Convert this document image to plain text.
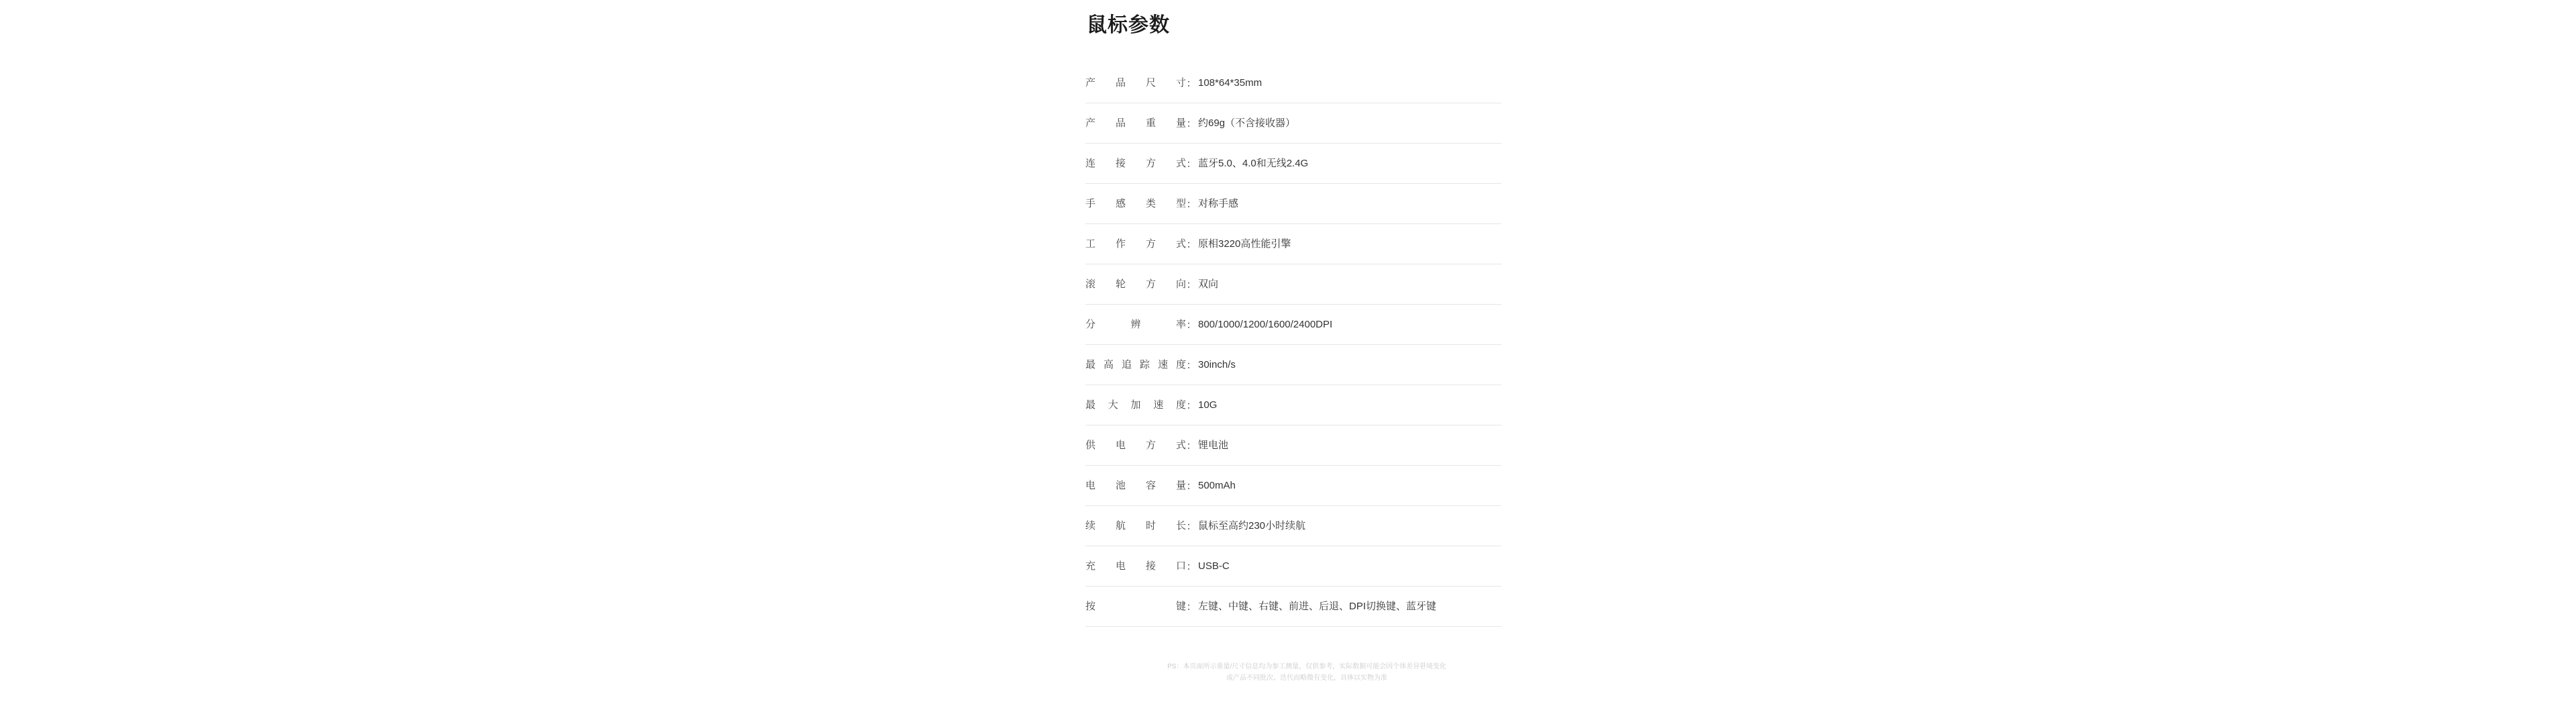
鼠标参数
产 品 尺 寸 ： 108*64*35mm
产 品 重 量 ： 约69g（不含接收器）
连 接 方 式 ： 蓝牙5.0、4.0和无线2.4G
手 感 类 型 ： 对称手感
工 作 方 式 ： 原相3220高性能引擎
滚 轮 方 向 ： 双向
分　　辨　　率 ： 800/1000/1200/1600/2400DPI
最高追踪速度 ： 30inch/s
最 大 加 速 度 ： 10G
供 电 方 式 ： 锂电池
电 池 容 量 ： 500mAh
续 航 时 长 ： 鼠标至高约230小时续航
充 电 接 口 ： USB-C
按　　　　　　键 ： 左键、中键、右键、前进、后退、DPI切换键、蓝牙键
PS：本页面所示重量/尺寸信息均为参工测量，仅供参考，实际数据可能会因个体差异환境变化
或产品不同批次、迭代而略微有变化，具体以实物为准
